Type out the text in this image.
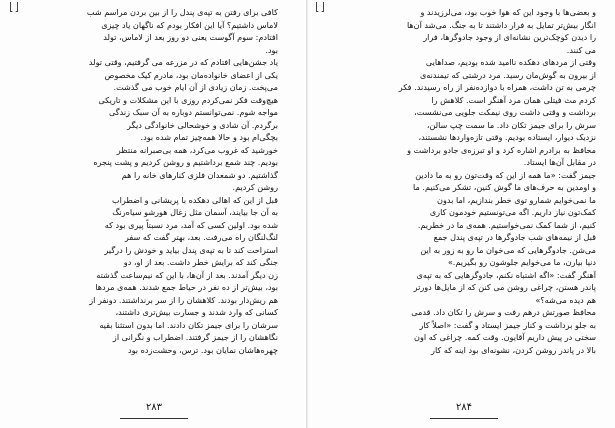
کافی برای رفتن به تپه‌ی پندل را از بین بردن مراسم شب
لاماس داشتیم؟ آیا این افکار بودم که ناگهان یاد چیزی
افتادم: سوم آگوست یعنی دو روز بعد از لاماس، تولد
بود.
یاد جشن‌هایی افتادم که در مزرعه می گرفتیم، وقتی تولد
یکی از اعضای خانواده‌مان بود، مادرم کیک مخصوص
می‌پخت. زمان زیادی از آن ایام خوب می گذشت.
هیچ‌وقت فکر نمی‌کردم روزی با این مشکلات و تاریکی
مواجه شوم. نمی‌توانستم دوباره به آن سبک زندگی
برگردم. آن شادی و خوشحالی خانوادگی دیگر
بچگی‌ام بود و حالا همه‌چیز تمام شده بود.
خورشید که غروب می‌کرد، همه بی‌صبرانه منتظر
بودیم. چند شمع برداشتیم و روشن کردیم و پشت پنجره
گذاشتیم. دو شمعدان فلزی کنارهای خانه را هم
روشن کردیم.
قبل از این که اهالی دهکده با پریشانی و اضطراب
به آن جا بیایند، آسمان مثل زغال هورشو سیاه‌رنگ
شده بود. اولین کسی که آمد، مرد نسبتاً پیری بود که
لنگ‌لنگان راه می‌رفت. بعد، بهتر گفت که سفر
استراحت کند تا به تپه‌ی پندل بیاید و خودش را درگیر
جنگی کند که برایش خطر داشت. بعد از او، دو
زن دیگر آمدند. بعد از آن‌ها، با این که نیم‌ساعت گذشته
بود، بیش‌تر از ده نفر در حیاط جمع شدند. همه‌ی مردها
هم ریش‌دار بودند. کلاهشان را از سر برنداشتند. دونفر از
کسانی که وارد شدند و جسارت بیش‌تری داشتند،
سرشان را برای جیمز تکان دادند. اما بدون استثنا بقیه
نگاهشان را از جیمز گرفتند. اضطراب و نگرانی از
چهره‌هاشان نمایان بود. ترس، وحشت‌زده بود
۲۸۳
و بعضی‌ها با وجود این که هوا خوب بود، می‌لرزیدند و
انگار بیش‌تر تمایل به فرار داشتند تا به جنگ. می‌شد آن‌ها
را دیدن کوچک‌ترین نشانه‌ای از وجود جادوگرها، فرار
می کنند.
وقتی از مردهای دهکده ناامید شده بودیم، صداهایی
از بیرون به گوش‌مان رسید. مرد درشتی که تیمندنه‌ی
چرمی به تن داشت، همراه با دوازده‌نفر از راه رسیدند. فکر
کردم مث فیتلی همان مرد آهنگر است. کلاهش را
برداشت و وقتی داشت روی نیمکت جلویی می‌نشست،
سرش را برای جیمز تکان داد. ما سمت چپ سالن،
نزدیک دیوار، ایستاده بودیم. وقتی تازه‌واردها نشستند،
محافظ به برادرم اشاره کرد و او تبرزه‌ی جادو برداشت و
در مقابل آن‌ها ایستاد.
جیمز گفت: «ما همه از این که وقت‌تون رو به ما دادین
و اومدین به حرف‌های ما گوش کنین، تشکر می‌کنیم. ما
ما نمی‌خوایم شمارو توی خطر بندازیم، اما بدون
کمک‌تون نیاز داریم. اگه می‌تونستیم خودمون کاری
کنیم، از شما کمک نمی‌خواستیم. همه‌ی ما در خطریم.
قبل از نیمه‌های شب جادوگرها در تپه‌ی پندل جمع
می‌شن. جادوگرهایی که می‌خوان ما رو به زور به این
دنیا بیارن، ما می‌خوایم جلوشون رو بگیریم.»
آهنگر گفت: «اگه اشتباه نکنم، جادوگرهایی که به تپه‌ی
پاندر هستن، چراغی روشن می کنن که از مایل‌ها دورتر
هم دیده می‌شه؟»
محافظ صورتش درهم رفت و سرش را تکان داد. قدمی
به جلو برداشت و کنار جیمز ایستاد و گفت: «اصلاً کار
سختی در پیش داریم آقایون. وقت کمه. چراغی که اون
بالا در پاندر روشن کردن، نشونه‌ای بود اینه که کار
۲۸۴
